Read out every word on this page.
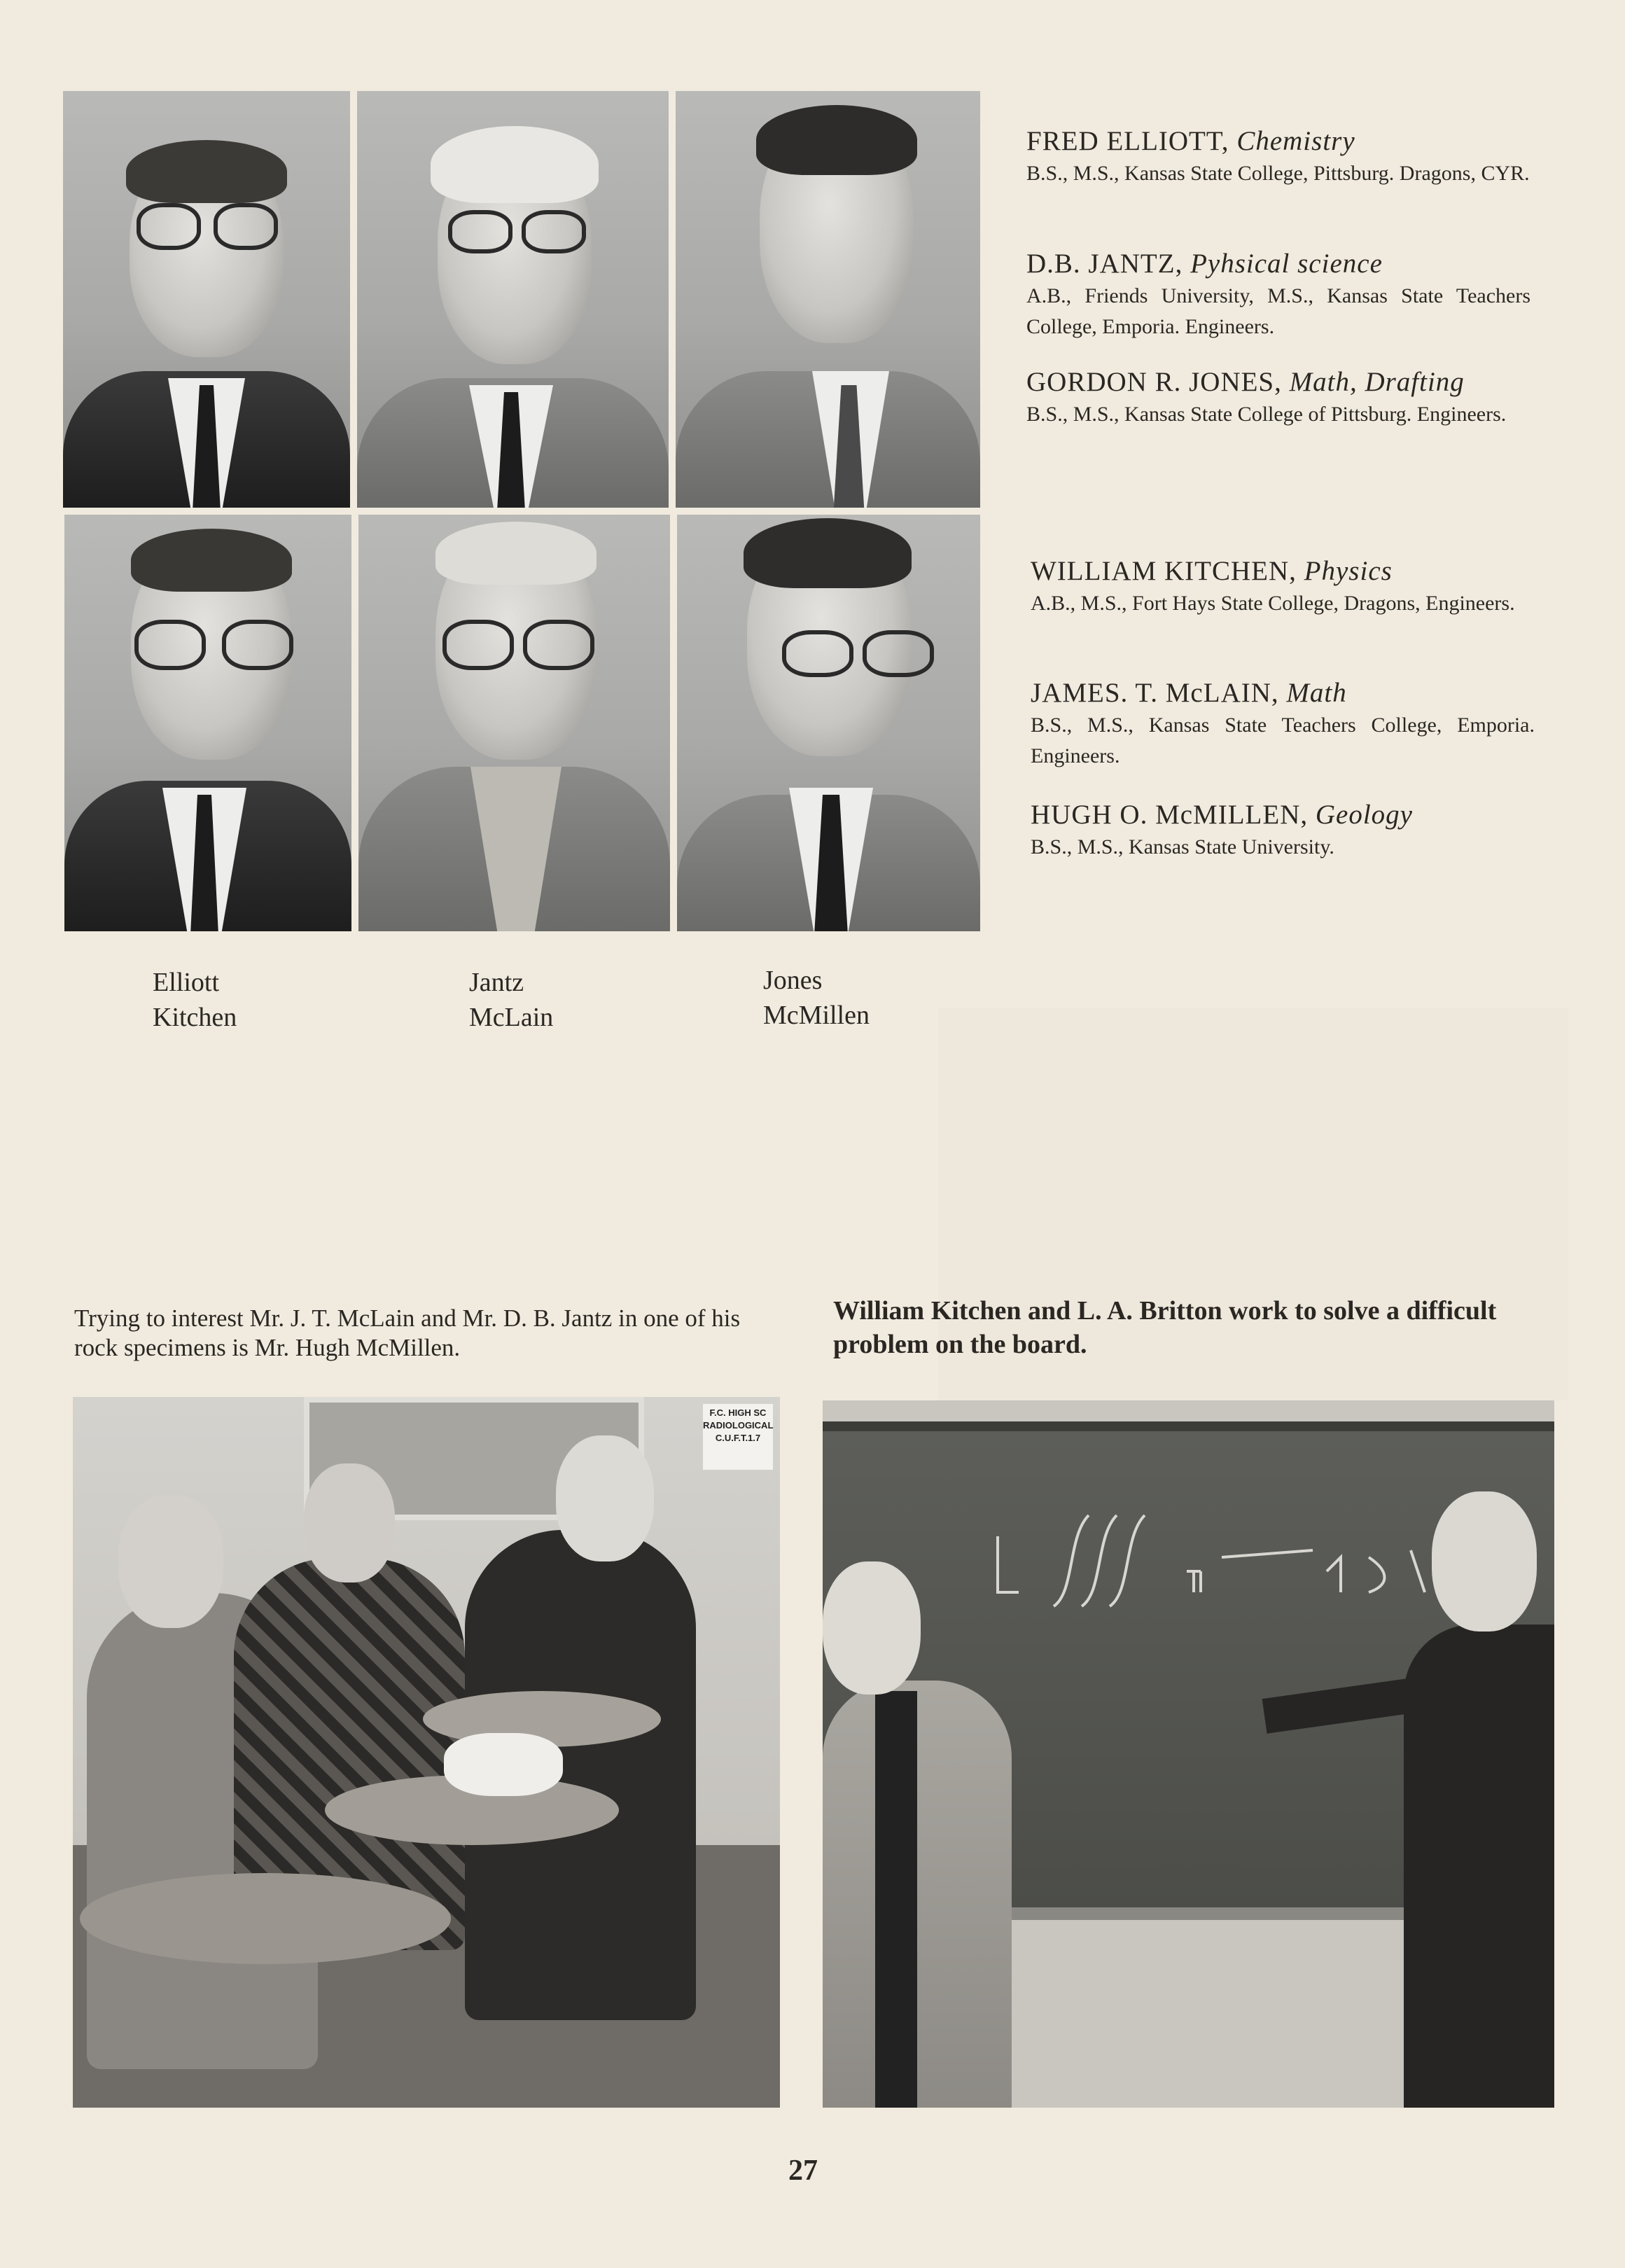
FRED ELLIOTT, Chemistry
B.S., M.S., Kansas State College, Pittsburg. Dragons, CYR.
D.B. JANTZ, Pyhsical science
A.B., Friends University, M.S., Kansas State Teachers College, Emporia. Engineers.
GORDON R. JONES, Math, Drafting
B.S., M.S., Kansas State College of Pittsburg. Engineers.
WILLIAM KITCHEN, Physics
A.B., M.S., Fort Hays State College, Dragons, Engineers.
JAMES. T. McLAIN, Math
B.S., M.S., Kansas State Teachers College, Emporia. Engineers.
HUGH O. McMILLEN, Geology
B.S., M.S., Kansas State University.
Elliott
Kitchen
Jantz
McLain
Jones
McMillen
Trying to interest Mr. J. T. McLain and Mr. D. B. Jantz in one of his rock specimens is Mr. Hugh McMillen.
William Kitchen and L. A. Britton work to solve a difficult problem on the board.
F.C. HIGH SC RADIOLOGICAL C.U.F.T.1.7
27
